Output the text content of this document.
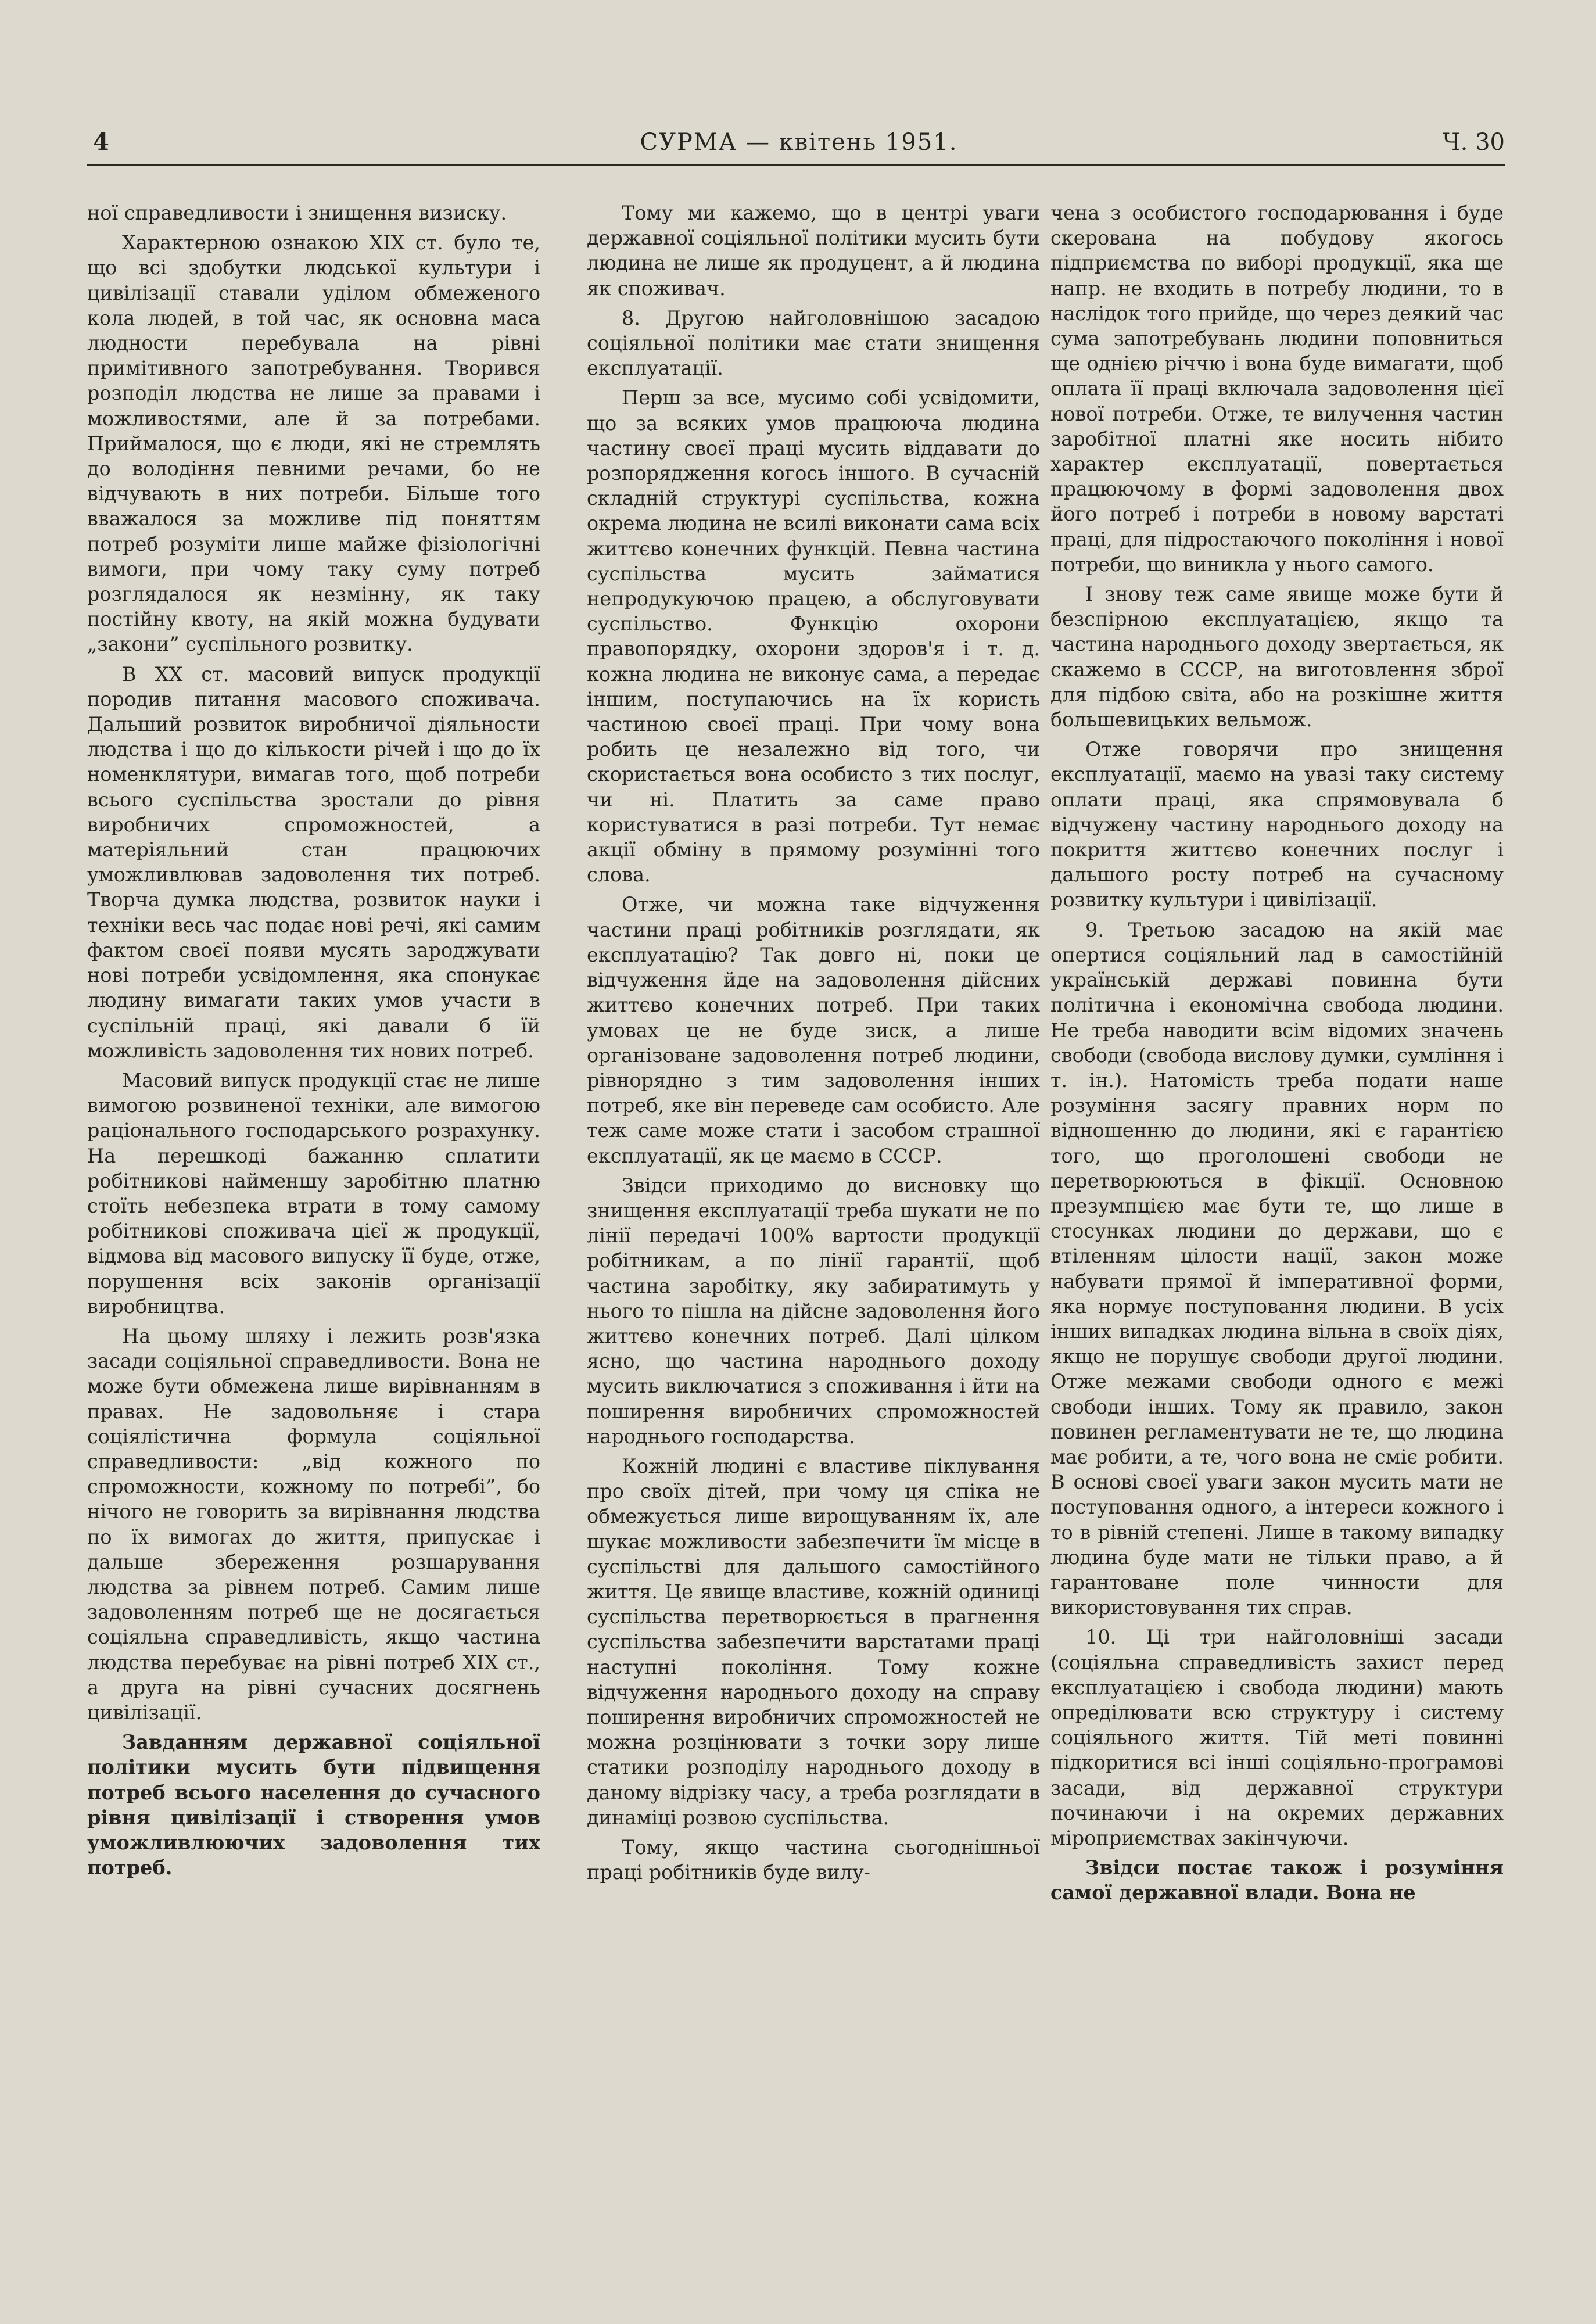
СУРМА — квітень 1951.
4	Ч. 30

ної справедливости і знищення визиску.

Характерною ознакою XIX ст. було те, що всі здобутки людської культури і цивілізації ставали уділом обмеженого кола людей, в той час, як основна маса людности перебувала на рівні примітивного запотребування. Творився розподіл людства не лише за правами і можливостями, але й за потребами. Приймалося, що є люди, які не стремлять до володіння певними речами, бо не відчувають в них потреби. Більше того вважалося за можливе під поняттям потреб розуміти лише майже фізіологічні вимоги, при чому таку суму потреб розглядалося як незмінну, як таку постійну квоту, на якій можна будувати „закони” суспільного розвитку.

В XX ст. масовий випуск продукції породив питання масового споживача. Дальший розвиток виробничої діяльности людства і що до кількости річей і що до їх номенклятури, вимагав того, щоб потреби всього суспільства зростали до рівня виробничих спроможностей, а матеріяльний стан працюючих уможливлював задоволення тих потреб. Творча думка людства, розвиток науки і техніки весь час подає нові речі, які самим фактом своєї появи мусять зароджувати нові потреби усвідомлення, яка спонукає людину вимагати таких умов участи в суспільній праці, які давали б їй можливість задоволення тих нових потреб.

Масовий випуск продукції стає не лише вимогою розвиненої техніки, але вимогою раціонального господарського розрахунку. На перешкоді бажанню сплатити робітникові найменшу заробітню платню стоїть небезпека втрати в тому самому робітникові споживача цієї ж продукції, відмова від масового випуску її буде, отже, порушення всіх законів організації виробництва.

На цьому шляху і лежить розв'язка засади соціяльної справедливости. Вона не може бути обмежена лише вирівнанням в правах. Не задовольняє і стара соціялістична формула соціяльної справедливости: „від кожного по спроможности, кожному по потребі”, бо нічого не говорить за вирівнання людства по їх вимогах до життя, припускає і дальше збереження розшарування людства за рівнем потреб. Самим лише задоволенням потреб ще не досягається соціяльна справедливість, якщо частина людства перебуває на рівні потреб XIX ст., а друга на рівні сучасних досягнень цивілізації.

Завданням державної соціяльної політики мусить бути підвищення потреб всього населення до сучасного рівня цивілізації і створення умов уможливлюючих задоволення тих потреб.

Тому ми кажемо, що в центрі уваги державної соціяльної політики мусить бути людина не лише як продуцент, а й людина як споживач.

8. Другою найголовнішою засадою соціяльної політики має стати знищення експлуатації.

Перш за все, мусимо собі усвідомити, що за всяких умов працююча людина частину своєї праці мусить віддавати до розпорядження когось іншого. В сучасній складній структурі суспільства, кожна окрема людина не всилі виконати сама всіх життєво конечних функцій. Певна частина суспільства мусить займатися непродукуючою працею, а обслуговувати суспільство. Функцію охорони правопорядку, охорони здоров'я і т. д. кожна людина не виконує сама, а передає іншим, поступаючись на їх користь частиною своєї праці. При чому вона робить це незалежно від того, чи скористається вона особисто з тих послуг, чи ні. Платить за саме право користуватися в разі потреби. Тут немає акції обміну в прямому розумінні того слова.

Отже, чи можна таке відчуження частини праці робітників розглядати, як експлуатацію? Так довго ні, поки це відчуження йде на задоволення дійсних життєво конечних потреб. При таких умовах це не буде зиск, а лише організоване задоволення потреб людини, рівнорядно з тим задоволення інших потреб, яке він переведе сам особисто. Але теж саме може стати і засобом страшної експлуатації, як це маємо в СССР.

Звідси приходимо до висновку що знищення експлуатації треба шукати не по лінії передачі 100% вартости продукції робітникам, а по лінії гарантії, щоб частина заробітку, яку забиратимуть у нього то пішла на дійсне задоволення його життєво конечних потреб. Далі цілком ясно, що частина народнього доходу мусить виключатися з споживання і йти на поширення виробничих спроможностей народнього господарства.

Кожній людині є властиве піклування про своїх дітей, при чому ця спіка не обмежується лише вирощуванням їх, але шукає можливости забезпечити їм місце в суспільстві для дальшого самостійного життя. Це явище властиве, кожній одиниці суспільства перетворюється в прагнення суспільства забезпечити варстатами праці наступні покоління. Тому кожне відчуження народнього доходу на справу поширення виробничих спроможностей не можна розцінювати з точки зору лише статики розподілу народнього доходу в даному відрізку часу, а треба розглядати в динаміці розвою суспільства.

Тому, якщо частина сьогоднішньої праці робітників буде вилу-

чена з особистого господарювання і буде скерована на побудову якогось підприємства по виборі продукції, яка ще напр. не входить в потребу людини, то в наслідок того прийде, що через деякий час сума запотребувань людини поповниться ще однією річчю і вона буде вимагати, щоб оплата її праці включала задоволення цієї нової потреби. Отже, те вилучення частин заробітної платні яке носить нібито характер експлуатації, повертається працюючому в формі задоволення двох його потреб і потреби в новому варстаті праці, для підростаючого покоління і нової потреби, що виникла у нього самого.

І знову теж саме явище може бути й безспірною експлуатацією, якщо та частина народнього доходу звертається, як скажемо в СССР, на виготовлення зброї для підбою світа, або на розкішне життя большевицьких вельмож.

Отже говорячи про знищення експлуатації, маємо на увазі таку систему оплати праці, яка спрямовувала б відчужену частину народнього доходу на покриття життєво конечних послуг і дальшого росту потреб на сучасному розвитку культури і цивілізації.

9. Третьою засадою на якій має опертися соціяльний лад в самостійній українській державі повинна бути політична і економічна свобода людини. Не треба наводити всім відомих значень свободи (свобода вислову думки, сумління і т. ін.). Натомість треба подати наше розуміння засягу правних норм по відношенню до людини, які є гарантією того, що проголошені свободи не перетворюються в фікції. Основною презумпцією має бути те, що лише в стосунках людини до держави, що є втіленням цілости нації, закон може набувати прямої й імперативної форми, яка нормує поступовання людини. В усіх інших випадках людина вільна в своїх діях, якщо не порушує свободи другої людини. Отже межами свободи одного є межі свободи інших. Тому як правило, закон повинен регламентувати не те, що людина має робити, а те, чого вона не сміє робити. В основі своєї уваги закон мусить мати не поступовання одного, а інтереси кожного і то в рівній степені. Лише в такому випадку людина буде мати не тільки право, а й гарантоване поле чинности для використовування тих справ.

10. Ці три найголовніші засади (соціяльна справедливість захист перед експлуатацією і свобода людини) мають опреділювати всю структуру і систему соціяльного життя. Тій меті повинні підкоритися всі інші соціяльно-програмові засади, від державної структури починаючи і на окремих державних міроприємствах закінчуючи.

Звідси постає також і розуміння самої державної влади. Вона не
